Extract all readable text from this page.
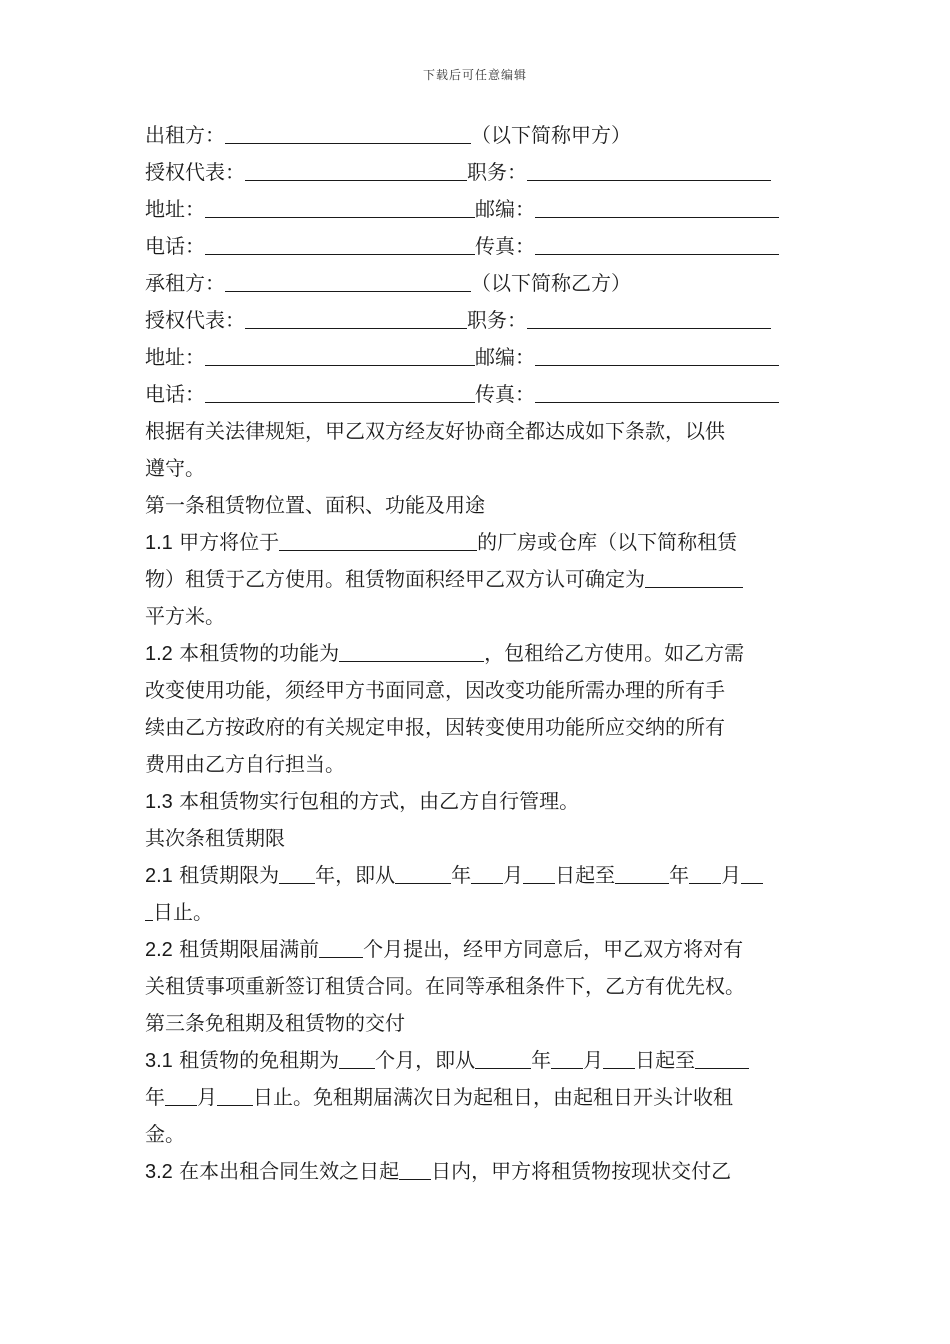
下载后可任意编辑
出租方：	（以下简称甲方）
授权代表：	职务：
地址：	邮编：
电话：	传真：
承租方：	（以下简称乙方）
授权代表：	职务：
地址：	邮编：
电话：	传真：
根据有关法律规矩，甲乙双方经友好协商全都达成如下条款，以供
遵守。
第一条租赁物位置、面积、功能及用途
1.1 甲方将位于	的厂房或仓库（以下简称租赁
物）租赁于乙方使用。租赁物面积经甲乙双方认可确定为
平方米。
1.2 本租赁物的功能为	，包租给乙方使用。如乙方需
改变使用功能，须经甲方书面同意，因改变功能所需办理的所有手
续由乙方按政府的有关规定申报，因转变使用功能所应交纳的所有
费用由乙方自行担当。
1.3 本租赁物实行包租的方式，由乙方自行管理。
其次条租赁期限
2.1 租赁期限为 年，即从	年 月 日起至	年 月
日止。
2.2 租赁期限届满前 个月提出，经甲方同意后，甲乙双方将对有
关租赁事项重新签订租赁合同。在同等承租条件下，乙方有优先权。
第三条免租期及租赁物的交付
3.1 租赁物的免租期为 个月，即从	年 月 日起至
年 月 日止。免租期届满次日为起租日，由起租日开头计收租
金。
3.2 在本出租合同生效之日起 日内，甲方将租赁物按现状交付乙
